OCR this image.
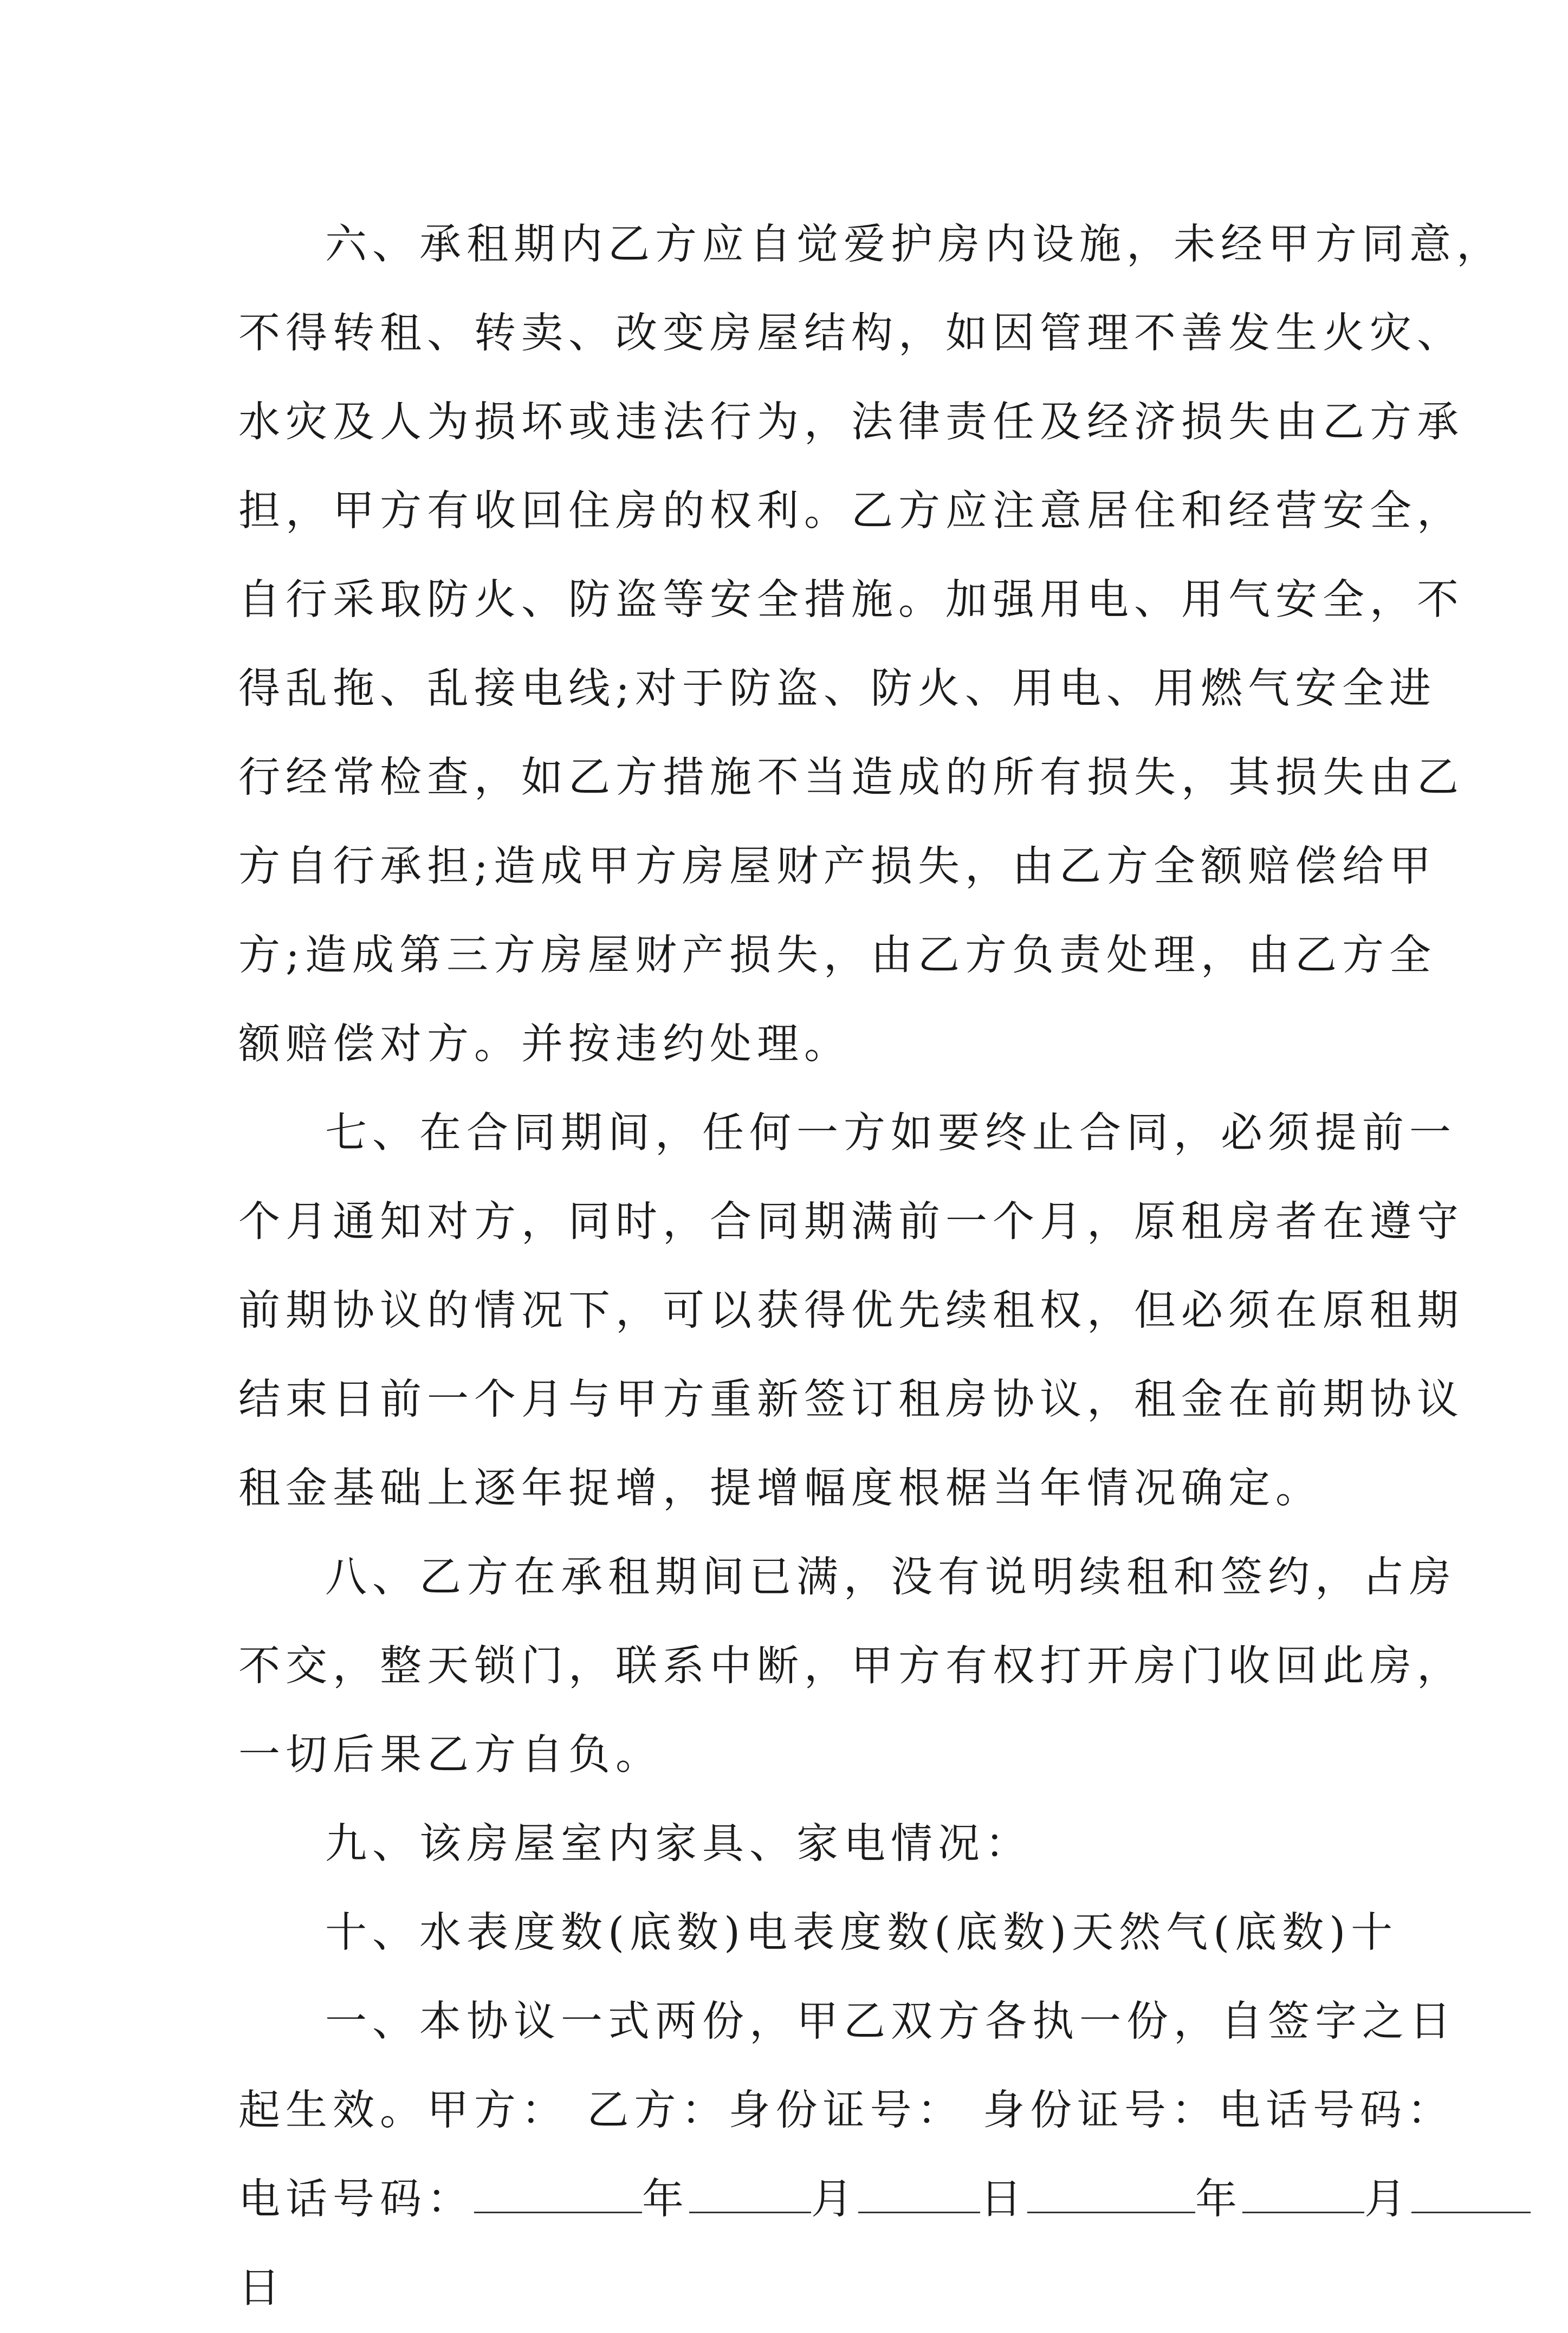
六、承租期内乙方应自觉爱护房内设施，未经甲方同意，
不得转租、转卖、改变房屋结构，如因管理不善发生火灾、
水灾及人为损坏或违法行为，法律责任及经济损失由乙方承
担，甲方有收回住房的权利。乙方应注意居住和经营安全，
自行采取防火、防盗等安全措施。加强用电、用气安全，不
得乱拖、乱接电线;对于防盗、防火、用电、用燃气安全进
行经常检查，如乙方措施不当造成的所有损失，其损失由乙
方自行承担;造成甲方房屋财产损失，由乙方全额赔偿给甲
方;造成第三方房屋财产损失，由乙方负责处理，由乙方全
额赔偿对方。并按违约处理。
七、在合同期间，任何一方如要终止合同，必须提前一
个月通知对方，同时，合同期满前一个月，原租房者在遵守
前期协议的情况下，可以获得优先续租权，但必须在原租期
结束日前一个月与甲方重新签订租房协议，租金在前期协议
租金基础上逐年捉增，提增幅度根椐当年情况确定。
八、乙方在承租期间已满，没有说明续租和签约，占房
不交，整天锁门，联系中断，甲方有权打开房门收回此房，
一切后果乙方自负。
九、该房屋室内家具、家电情况：
十、水表度数(底数)电表度数(底数)天然气(底数)十
一、本协议一式两份，甲乙双方各执一份，自签字之日
起生效。甲方： 乙方：身份证号： 身份证号：电话号码：
电话号码：	年	月	日	年	月
日
